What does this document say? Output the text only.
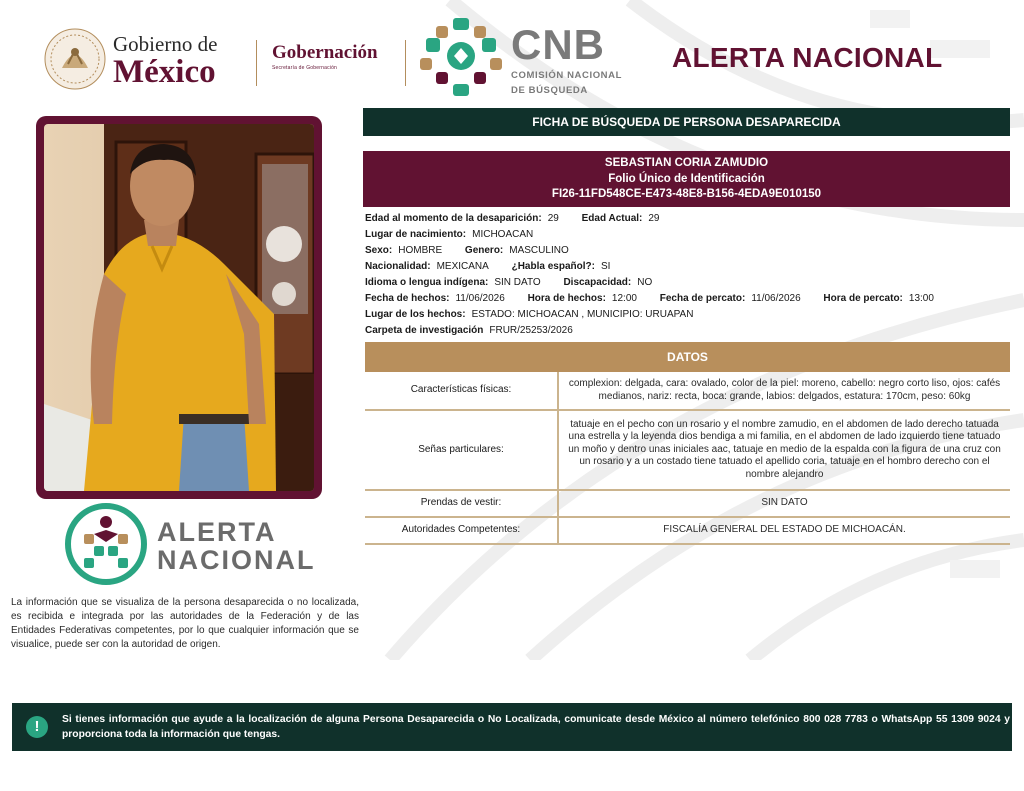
Gobierno de
México
Gobernación
Secretaría de Gobernación	CNB
COMISIÓN NACIONAL
DE BÚSQUEDA
ALERTA NACIONAL
ALERTA
NACIONAL
La información que se visualiza de la persona desaparecida o no localizada, es recibida e integrada por las autoridades de la Federación y de las Entidades Federativas competentes, por lo que cualquier información que se visualice, puede ser con la autoridad de origen.
FICHA DE BÚSQUEDA DE PERSONA DESAPARECIDA
SEBASTIAN CORIA ZAMUDIO
Folio Único de Identificación
FI26-11FD548CE-E473-48E8-B156-4EDA9E010150
Edad al momento de la desaparición: 29 Edad Actual: 29
Lugar de nacimiento: MICHOACAN
Sexo: HOMBRE Genero: MASCULINO
Nacionalidad: MEXICANA ¿Habla español?: SI
Idioma o lengua indígena: SIN DATO Discapacidad: NO
Fecha de hechos: 11/06/2026 Hora de hechos: 12:00 Fecha de percato: 11/06/2026 Hora de percato: 13:00
Lugar de los hechos: ESTADO: MICHOACAN , MUNICIPIO: URUAPAN
Carpeta de investigación FRUR/25253/2026
DATOS
Características físicas:	complexion: delgada, cara: ovalado, color de la piel: moreno, cabello: negro corto liso, ojos: cafés medianos, nariz: recta, boca: grande, labios: delgados, estatura: 170cm, peso: 60kg
Señas particulares:	tatuaje en el pecho con un rosario y el nombre zamudio, en el abdomen de lado derecho tatuada una estrella y la leyenda dios bendiga a mi familia, en el abdomen de lado izquierdo tiene tatuado un moño y dentro unas iniciales aac, tatuaje en medio de la espalda con la figura de una cruz con un rosario y a un costado tiene tatuado el apellido coria, tatuaje en el hombro derecho con el nombre alejandro
Prendas de vestir:	SIN DATO
Autoridades Competentes:	FISCALÍA GENERAL DEL ESTADO DE MICHOACÁN.
!	Si tienes información que ayude a la localización de alguna Persona Desaparecida o No Localizada, comunicate desde México al número telefónico 800 028 7783 o WhatsApp 55 1309 9024 y proporciona toda la información que tengas.
